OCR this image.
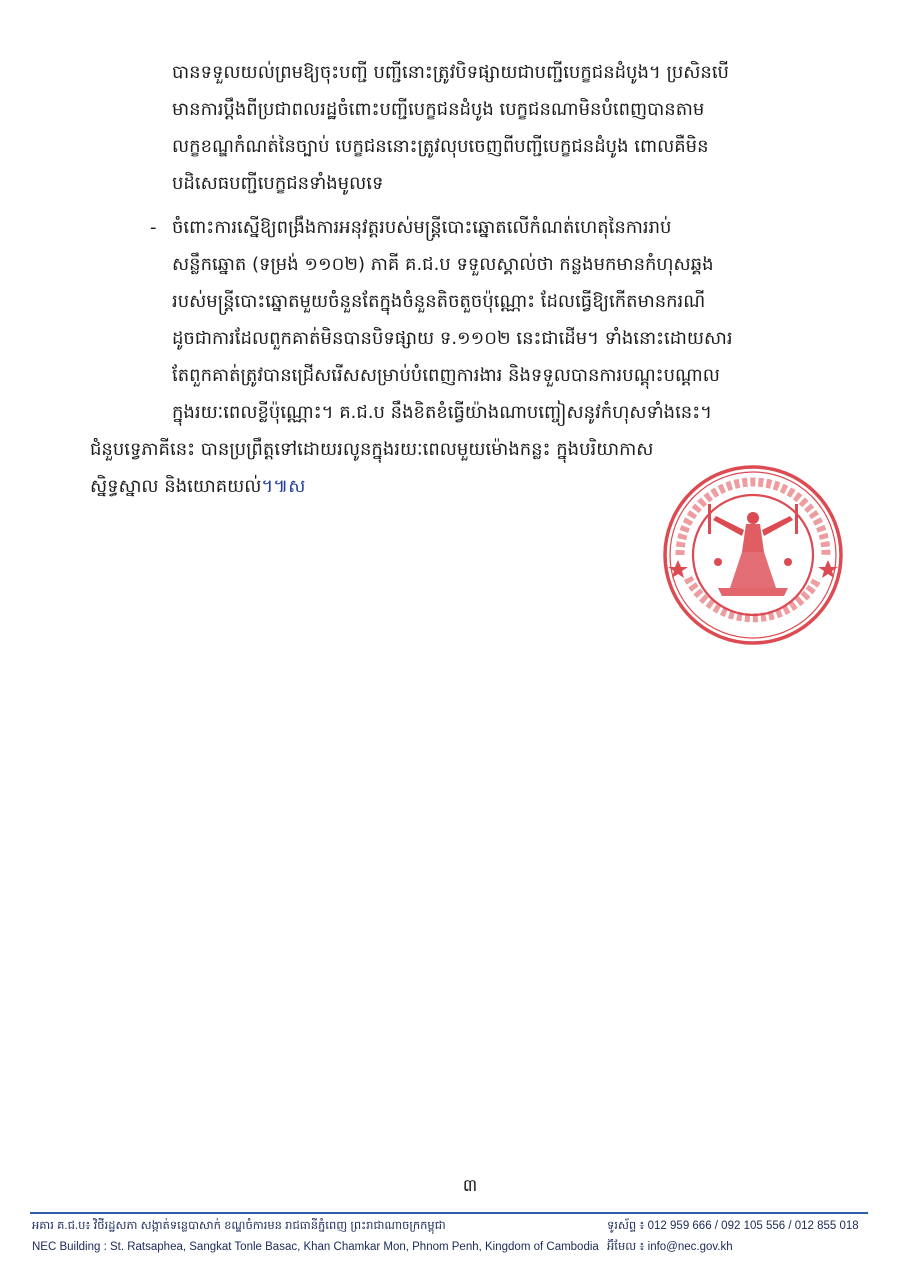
បានទទួលយល់ព្រមឱ្យចុះបញ្ជី បញ្ជីនោះត្រូវបិទផ្សាយជាបញ្ជីបេក្ខជនដំបូង។ ប្រសិនបើ
មានការប្ដឹងពីប្រជាពលរដ្ឋចំពោះបញ្ជីបេក្ខជនដំបូង បេក្ខជនណាមិនបំពេញបានតាម
លក្ខខណ្ឌកំណត់នៃច្បាប់ បេក្ខជននោះត្រូវលុបចេញពីបញ្ជីបេក្ខជនដំបូង ពោលគឺមិន
បដិសេធបញ្ជីបេក្ខជនទាំងមូលទេ
- ចំពោះការស្នើឱ្យពង្រឹងការអនុវត្តរបស់មន្ត្រីបោះឆ្នោតលើកំណត់ហេតុនៃការរាប់
សន្លឹកឆ្នោត (ទម្រង់ ១១០២) ភាគី គ.ជ.ប ទទួលស្គាល់ថា កន្លងមកមានកំហុសឆ្គង
របស់មន្ត្រីបោះឆ្នោតមួយចំនួនតែក្នុងចំនួនតិចតួចប៉ុណ្ណោះ ដែលធ្វើឱ្យកើតមានករណី
ដូចជាការដែលពួកគាត់មិនបានបិទផ្សាយ ទ.១១០២ នេះជាដើម។ ទាំងនោះដោយសារ
តែពួកគាត់ត្រូវបានជ្រើសរើសសម្រាប់បំពេញការងារ និងទទួលបានការបណ្ដុះបណ្ដាល
ក្នុងរយៈពេលខ្លីប៉ុណ្ណោះ។ គ.ជ.ប នឹងខិតខំធ្វើយ៉ាងណាបញ្ចៀសនូវកំហុសទាំងនេះ។
ជំនួបទ្វេភាគីនេះ បានប្រព្រឹត្តទៅដោយរលូនក្នុងរយៈពេលមួយម៉ោងកន្លះ ក្នុងបរិយាកាស
ស្និទ្ធស្នាល និងយោគយល់។៕ស
៣
អគារ គ.ជ.ប៖ វិថីរដ្ឋសភា សង្កាត់ទន្លេបាសាក់ ខណ្ឌចំការមន រាជធានីភ្នំពេញ ព្រះរាជាណាចក្រកម្ពុជា
NEC Building : St. Ratsaphea, Sangkat Tonle Basac, Khan Chamkar Mon, Phnom Penh, Kingdom of Cambodia
ទូរស័ព្ទ ៖ 012 959 666 / 092 105 556 / 012 855 018
អ៊ីមែល ៖ info@nec.gov.kh
